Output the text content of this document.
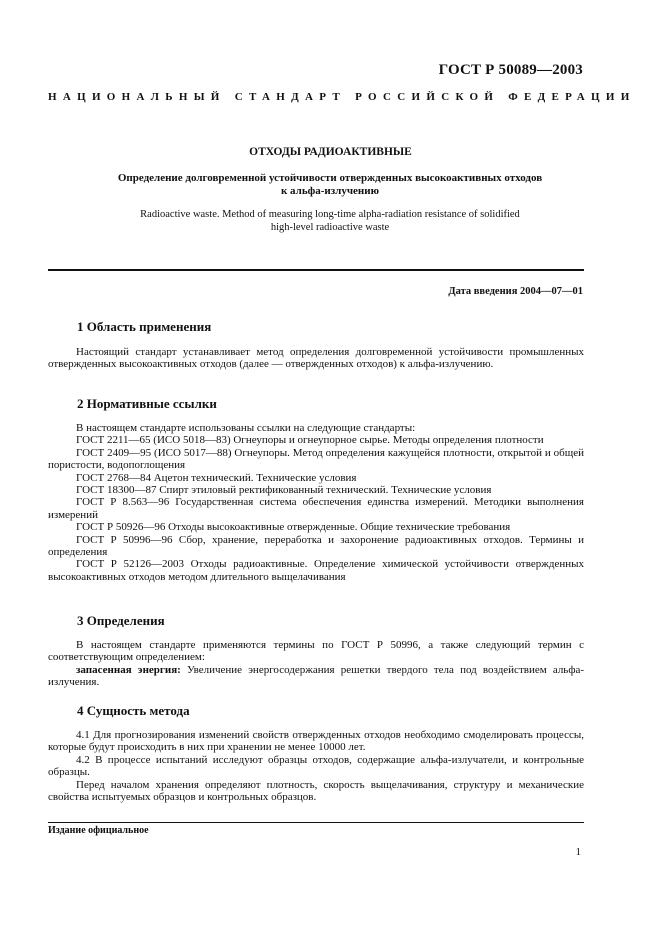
ГОСТ Р 50089—2003
НАЦИОНАЛЬНЫЙ СТАНДАРТ РОССИЙСКОЙ ФЕДЕРАЦИИ
ОТХОДЫ РАДИОАКТИВНЫЕ
Определение долговременной устойчивости отвержденных высокоактивных отходов
к альфа-излучению
Radioactive waste. Method of measuring long-time alpha-radiation resistance of solidified
high-level radioactive waste
Дата введения 2004—07—01
1 Область применения
Настоящий стандарт устанавливает метод определения долговременной устойчивости промышленных отвержденных высокоактивных отходов (далее — отвержденных отходов) к альфа-излучению.
2 Нормативные ссылки
В настоящем стандарте использованы ссылки на следующие стандарты:
ГОСТ 2211—65 (ИСО 5018—83) Огнеупоры и огнеупорное сырье. Методы определения плотности
ГОСТ 2409—95 (ИСО 5017—88) Огнеупоры. Метод определения кажущейся плотности, открытой и общей пористости, водопоглощения
ГОСТ 2768—84 Ацетон технический. Технические условия
ГОСТ 18300—87 Спирт этиловый ректификованный технический. Технические условия
ГОСТ Р 8.563—96 Государственная система обеспечения единства измерений. Методики выполнения измерений
ГОСТ Р 50926—96 Отходы высокоактивные отвержденные. Общие технические требования
ГОСТ Р 50996—96 Сбор, хранение, переработка и захоронение радиоактивных отходов. Термины и определения
ГОСТ Р 52126—2003 Отходы радиоактивные. Определение химической устойчивости отвержденных высокоактивных отходов методом длительного выщелачивания
3 Определения
В настоящем стандарте применяются термины по ГОСТ Р 50996, а также следующий термин с соответствующим определением:
запасенная энергия: Увеличение энергосодержания решетки твердого тела под воздействием альфа-излучения.
4 Сущность метода
4.1 Для прогнозирования изменений свойств отвержденных отходов необходимо смоделировать процессы, которые будут происходить в них при хранении не менее 10000 лет.
4.2 В процессе испытаний исследуют образцы отходов, содержащие альфа-излучатели, и контрольные образцы.
Перед началом хранения определяют плотность, скорость выщелачивания, структуру и механические свойства испытуемых образцов и контрольных образцов.
Издание официальное
1
